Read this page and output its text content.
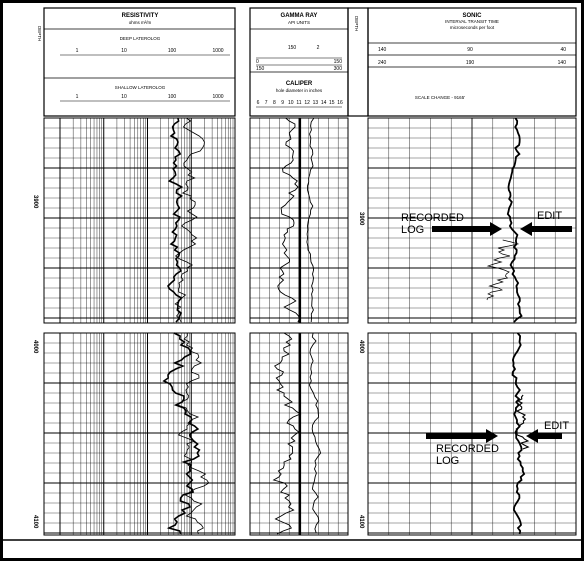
DEPTH
RESISTIVITY
ohms m²/m
DEEP LATEROLOG
1	10	100	1000
SHALLOW LATEROLOG
1	10	100	1000
GAMMA RAY
API UNITS
150	2
0	150
150	300
CALIPER
hole diameter in inches
6 7 8 9 10 11 12 13 14 15 16
DEPTH	SONIC
INTERVAL TRANSIT TIME
microseconds per foot
140	90	40
240	190	140
SCALE CHANGE - 9165'
3900
3900
4000	4000
4100	4100
RECORDED
LOG
EDIT
EDIT
RECORDED
LOG
